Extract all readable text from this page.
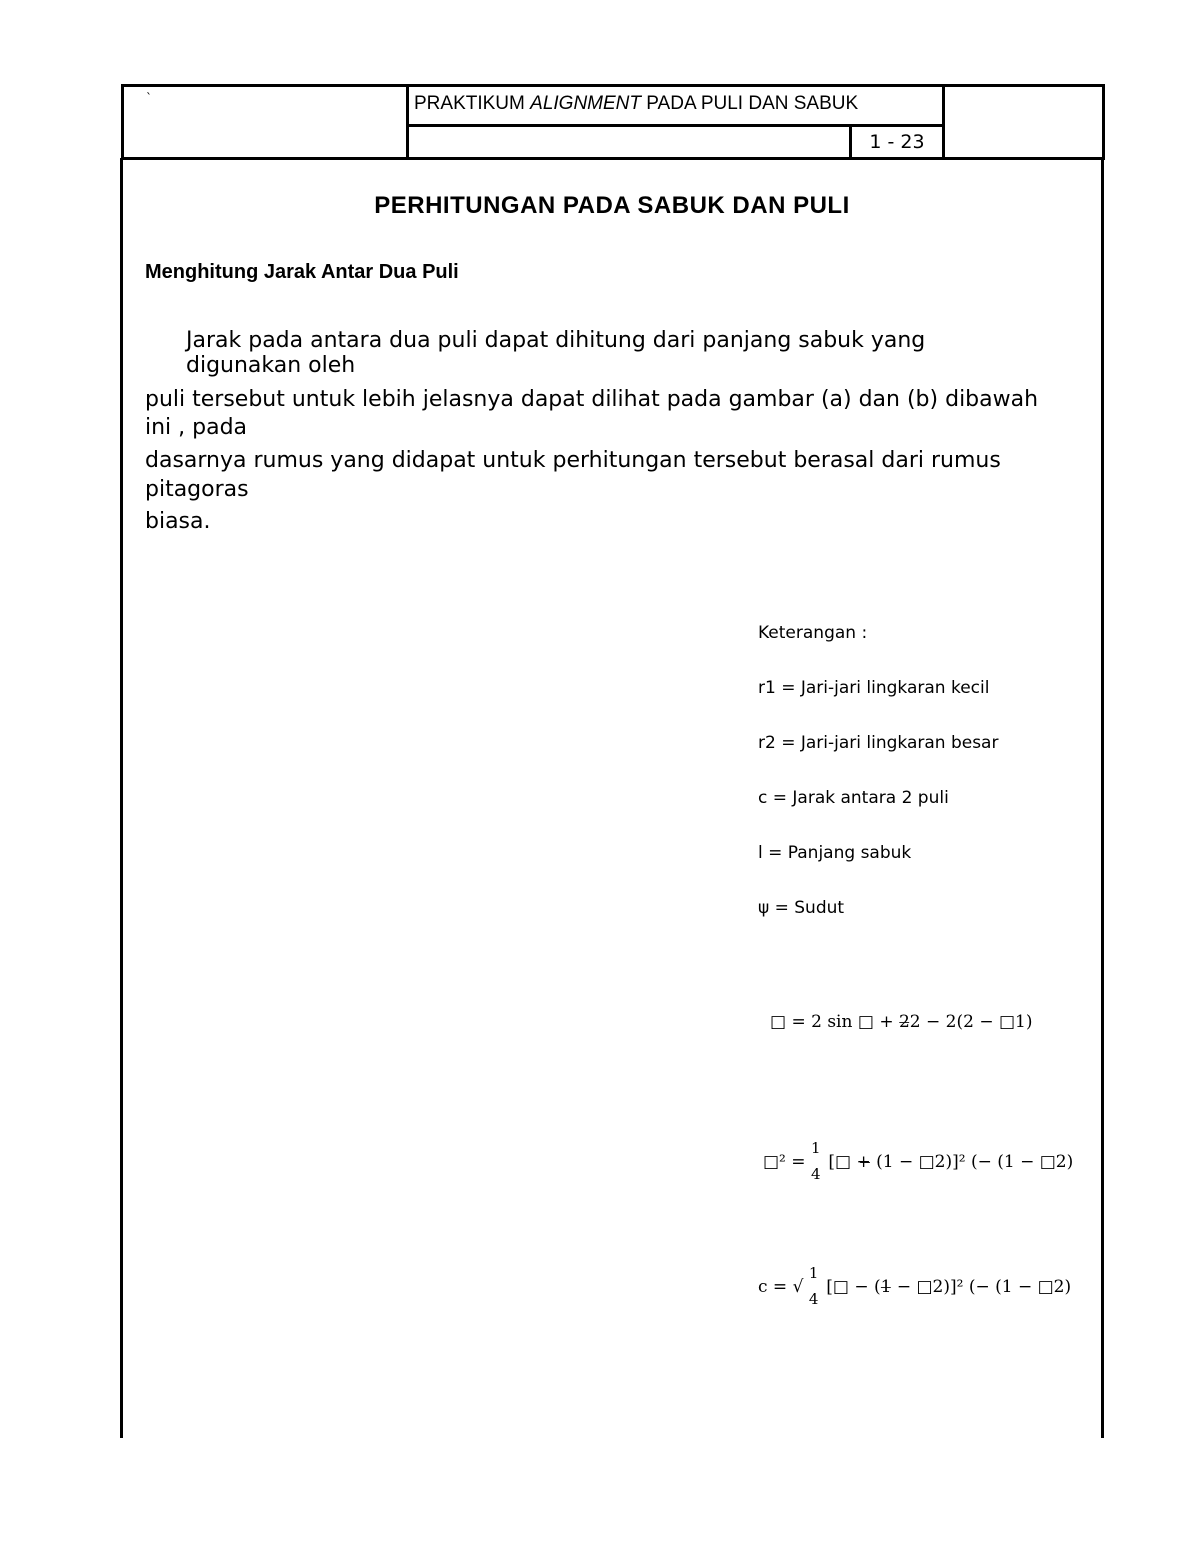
`	PRAKTIKUM ALIGNMENT PADA PULI DAN SABUK
1 - 23
PERHITUNGAN PADA SABUK DAN PULI
Menghitung Jarak Antar Dua Puli
Jarak pada antara dua puli dapat dihitung dari panjang sabuk yang
digunakan oleh
puli tersebut untuk lebih jelasnya dapat dilihat pada gambar (a) dan (b) dibawah
ini , pada
dasarnya rumus yang didapat untuk perhitungan tersebut berasal dari rumus
pitagoras
biasa.
Keterangan :
r1 = Jari-jari lingkaran kecil
r2 = Jari-jari lingkaran besar
c = Jarak antara 2 puli
l = Panjang sabuk
ψ = Sudut
□ = 2 sin □ + 2̶2 − 2(2 − □1)
□² =
1
4
[□ +̶ (1 − □2)]² (− (1 − □2)
c = √
1
4
[□ − (1̶ − □2)]² (− (1 − □2)
